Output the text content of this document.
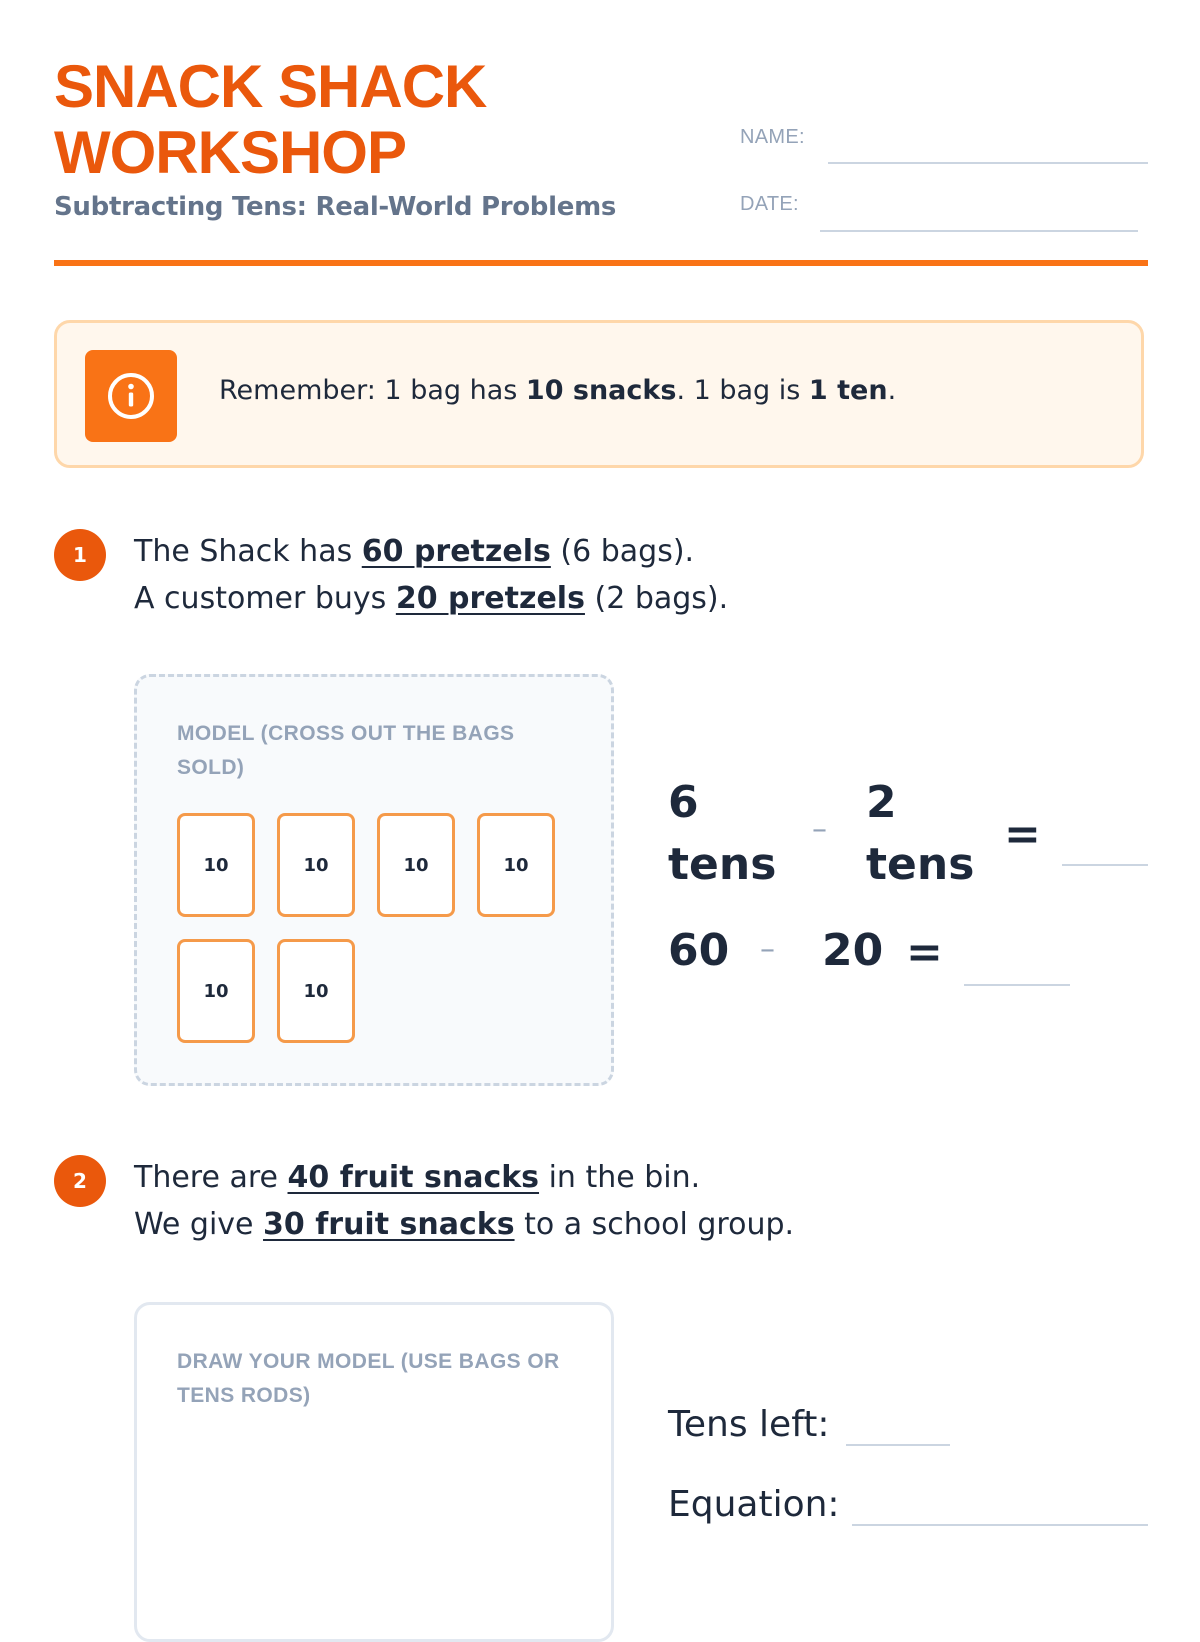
SNACK SHACK
WORKSHOP
Subtracting Tens: Real-World Problems
NAME:
DATE:
Remember: 1 bag has 10 snacks. 1 bag is 1 ten.
1	The Shack has 60 pretzels (6 bags).
A customer buys 20 pretzels (2 bags).
MODEL (CROSS OUT THE BAGS SOLD)
10	10	10	10
10	10
6
tens
–
2
tens
=
60 – 20 =
2	There are 40 fruit snacks in the bin.
We give 30 fruit snacks to a school group.
DRAW YOUR MODEL (USE BAGS OR TENS RODS)
Tens left:
Equation:
